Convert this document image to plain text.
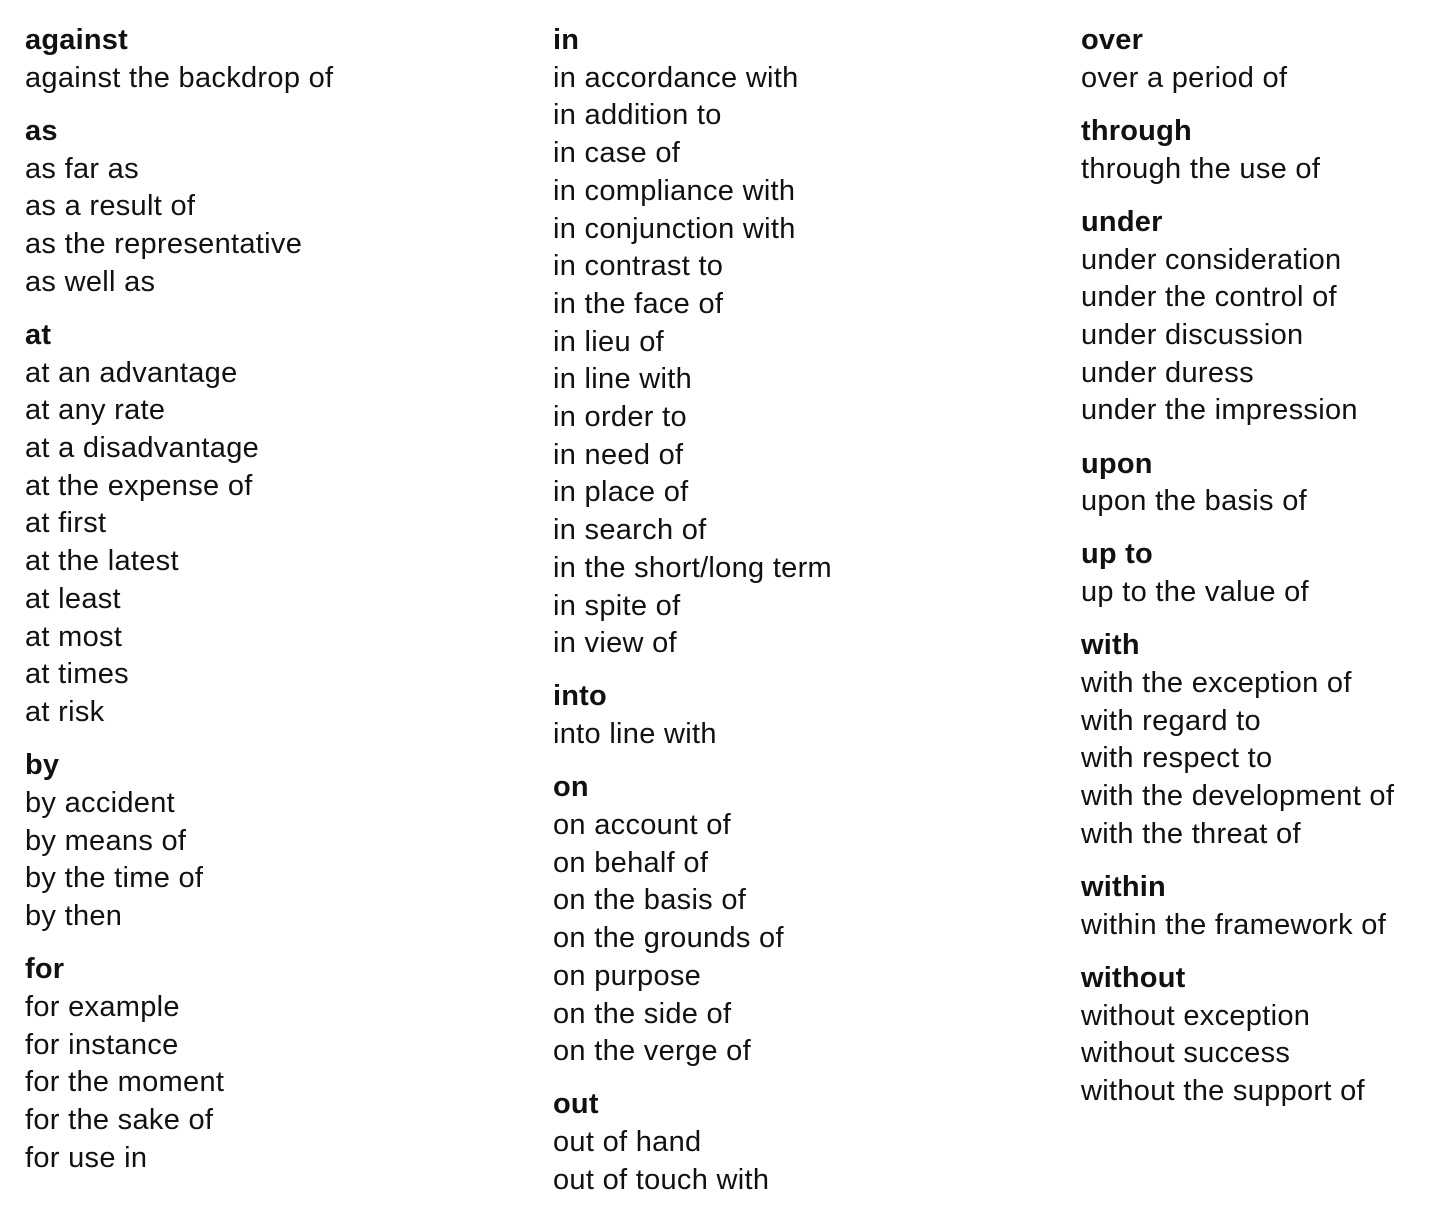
against
against the backdrop of
as
as far as
as a result of
as the representative
as well as
at
at an advantage
at any rate
at a disadvantage
at the expense of
at first
at the latest
at least
at most
at times
at risk
by
by accident
by means of
by the time of
by then
for
for example
for instance
for the moment
for the sake of
for use in
in
in accordance with
in addition to
in case of
in compliance with
in conjunction with
in contrast to
in the face of
in lieu of
in line with
in order to
in need of
in place of
in search of
in the short/long term
in spite of
in view of
into
into line with
on
on account of
on behalf of
on the basis of
on the grounds of
on purpose
on the side of
on the verge of
out
out of hand
out of touch with
over
over a period of
through
through the use of
under
under consideration
under the control of
under discussion
under duress
under the impression
upon
upon the basis of
up to
up to the value of
with
with the exception of
with regard to
with respect to
with the development of
with the threat of
within
within the framework of
without
without exception
without success
without the support of
